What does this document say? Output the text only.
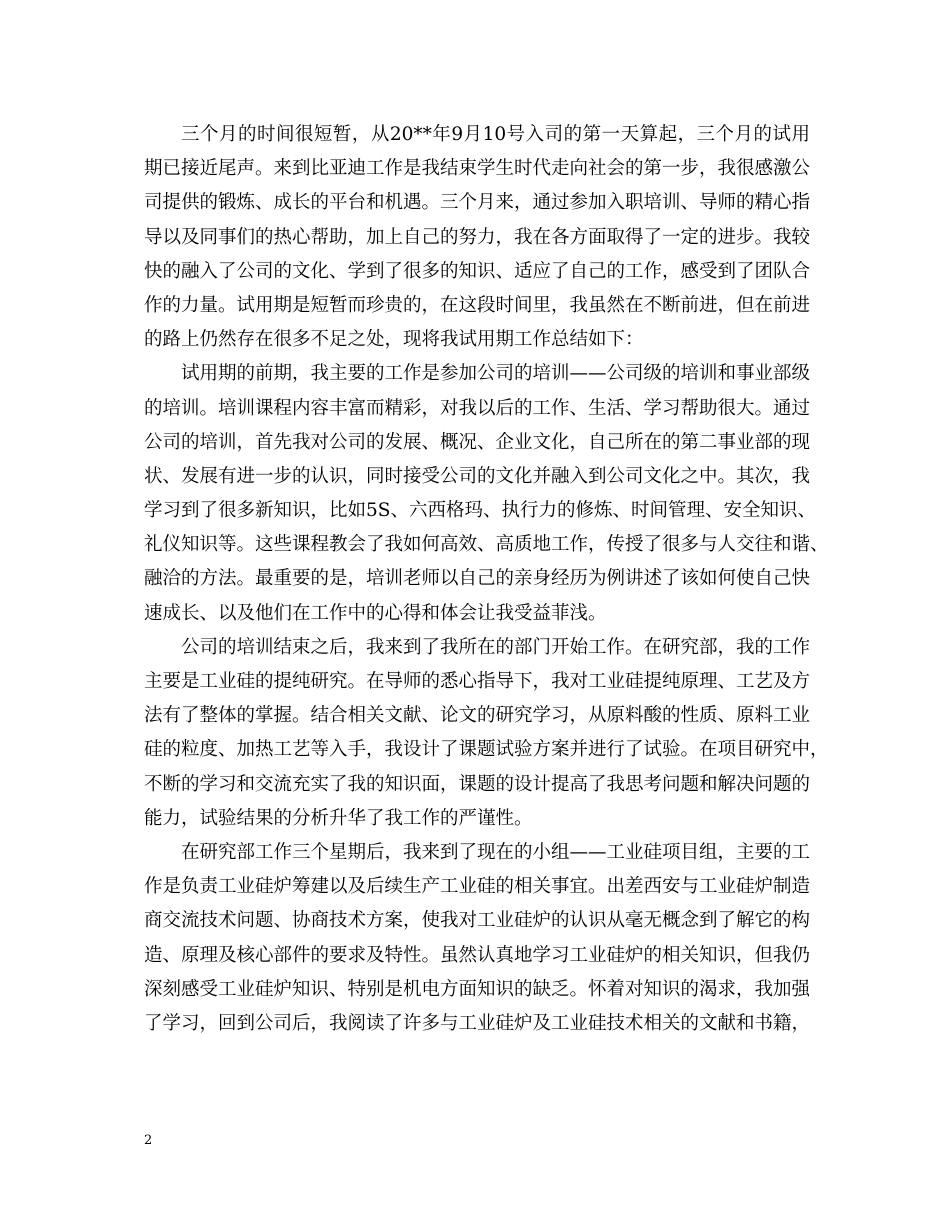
三个月的时间很短暂，从20**年9月10号入司的第一天算起，三个月的试用
期已接近尾声。来到比亚迪工作是我结束学生时代走向社会的第一步，我很感激公
司提供的锻炼、成长的平台和机遇。三个月来，通过参加入职培训、导师的精心指
导以及同事们的热心帮助，加上自己的努力，我在各方面取得了一定的进步。我较
快的融入了公司的文化、学到了很多的知识、适应了自己的工作，感受到了团队合
作的力量。试用期是短暂而珍贵的，在这段时间里，我虽然在不断前进，但在前进
的路上仍然存在很多不足之处，现将我试用期工作总结如下：
试用期的前期，我主要的工作是参加公司的培训——公司级的培训和事业部级
的培训。培训课程内容丰富而精彩，对我以后的工作、生活、学习帮助很大。通过
公司的培训，首先我对公司的发展、概况、企业文化，自己所在的第二事业部的现
状、发展有进一步的认识，同时接受公司的文化并融入到公司文化之中。其次，我
学习到了很多新知识，比如5S、六西格玛、执行力的修炼、时间管理、安全知识、
礼仪知识等。这些课程教会了我如何高效、高质地工作，传授了很多与人交往和谐、
融洽的方法。最重要的是，培训老师以自己的亲身经历为例讲述了该如何使自己快
速成长、以及他们在工作中的心得和体会让我受益菲浅。
公司的培训结束之后，我来到了我所在的部门开始工作。在研究部，我的工作
主要是工业硅的提纯研究。在导师的悉心指导下，我对工业硅提纯原理、工艺及方
法有了整体的掌握。结合相关文献、论文的研究学习，从原料酸的性质、原料工业
硅的粒度、加热工艺等入手，我设计了课题试验方案并进行了试验。在项目研究中，
不断的学习和交流充实了我的知识面，课题的设计提高了我思考问题和解决问题的
能力，试验结果的分析升华了我工作的严谨性。
在研究部工作三个星期后，我来到了现在的小组——工业硅项目组，主要的工
作是负责工业硅炉筹建以及后续生产工业硅的相关事宜。出差西安与工业硅炉制造
商交流技术问题、协商技术方案，使我对工业硅炉的认识从毫无概念到了解它的构
造、原理及核心部件的要求及特性。虽然认真地学习工业硅炉的相关知识，但我仍
深刻感受工业硅炉知识、特别是机电方面知识的缺乏。怀着对知识的渴求，我加强
了学习，回到公司后，我阅读了许多与工业硅炉及工业硅技术相关的文献和书籍，
2
